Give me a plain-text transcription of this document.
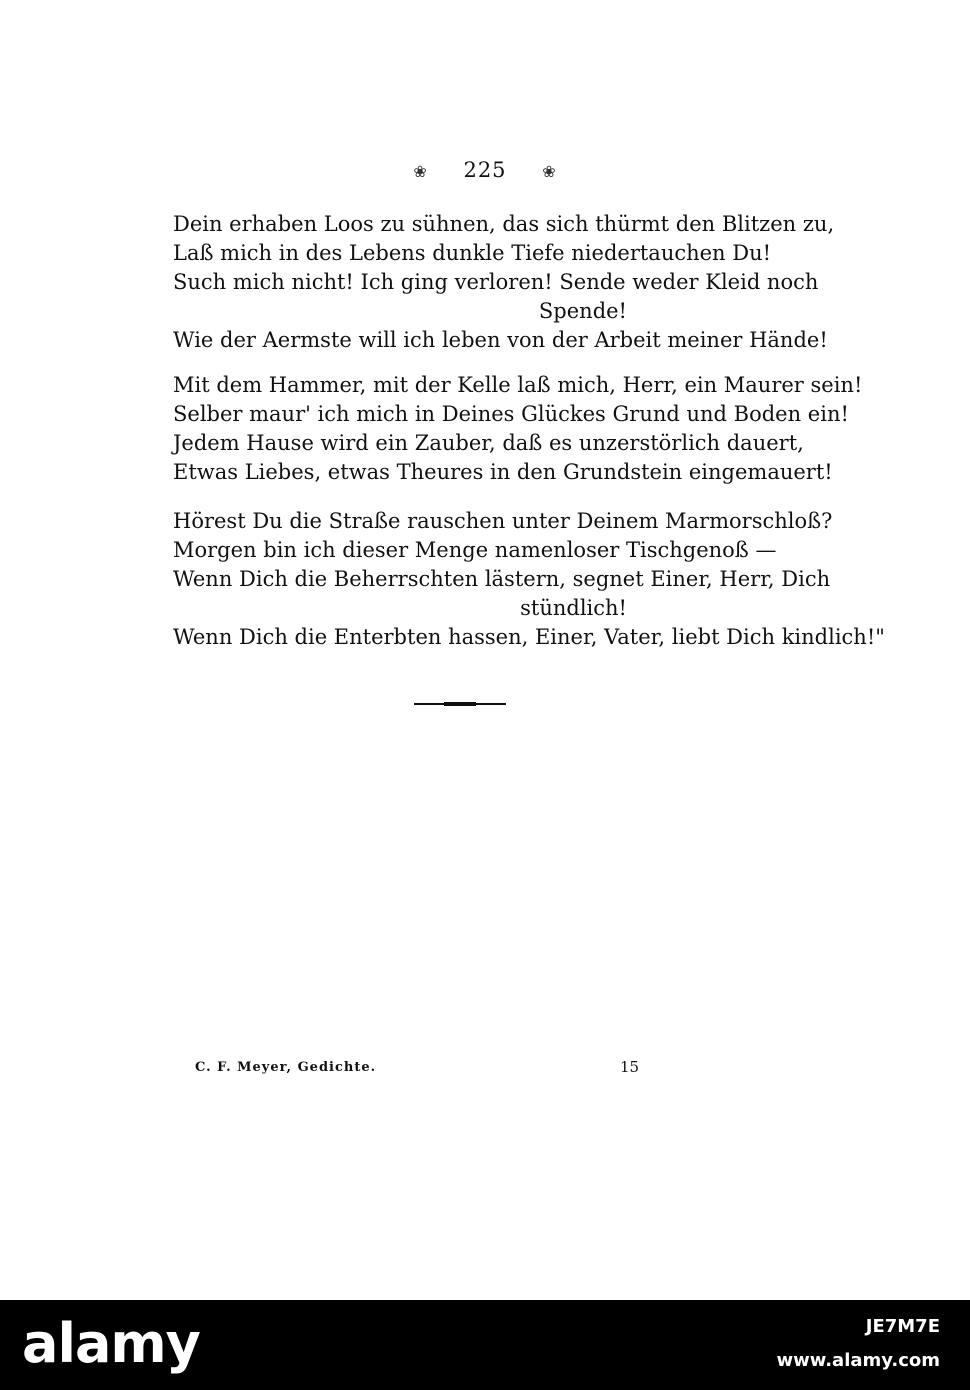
❀ 225 ❀
Dein erhaben Loos zu sühnen, das sich thürmt den Blitzen zu,
Laß mich in des Lebens dunkle Tiefe niedertauchen Du!
Such mich nicht! Ich ging verloren! Sende weder Kleid noch
Spende!
Wie der Aermste will ich leben von der Arbeit meiner Hände!
Mit dem Hammer, mit der Kelle laß mich, Herr, ein Maurer sein!
Selber maur' ich mich in Deines Glückes Grund und Boden ein!
Jedem Hause wird ein Zauber, daß es unzerstörlich dauert,
Etwas Liebes, etwas Theures in den Grundstein eingemauert!
Hörest Du die Straße rauschen unter Deinem Marmorschloß?
Morgen bin ich dieser Menge namenloser Tischgenoß —
Wenn Dich die Beherrschten lästern, segnet Einer, Herr, Dich
stündlich!
Wenn Dich die Enterbten hassen, Einer, Vater, liebt Dich kindlich!"
C. F. Meyer, Gedichte.	15
alamy	JE7M7E
www.alamy.com
